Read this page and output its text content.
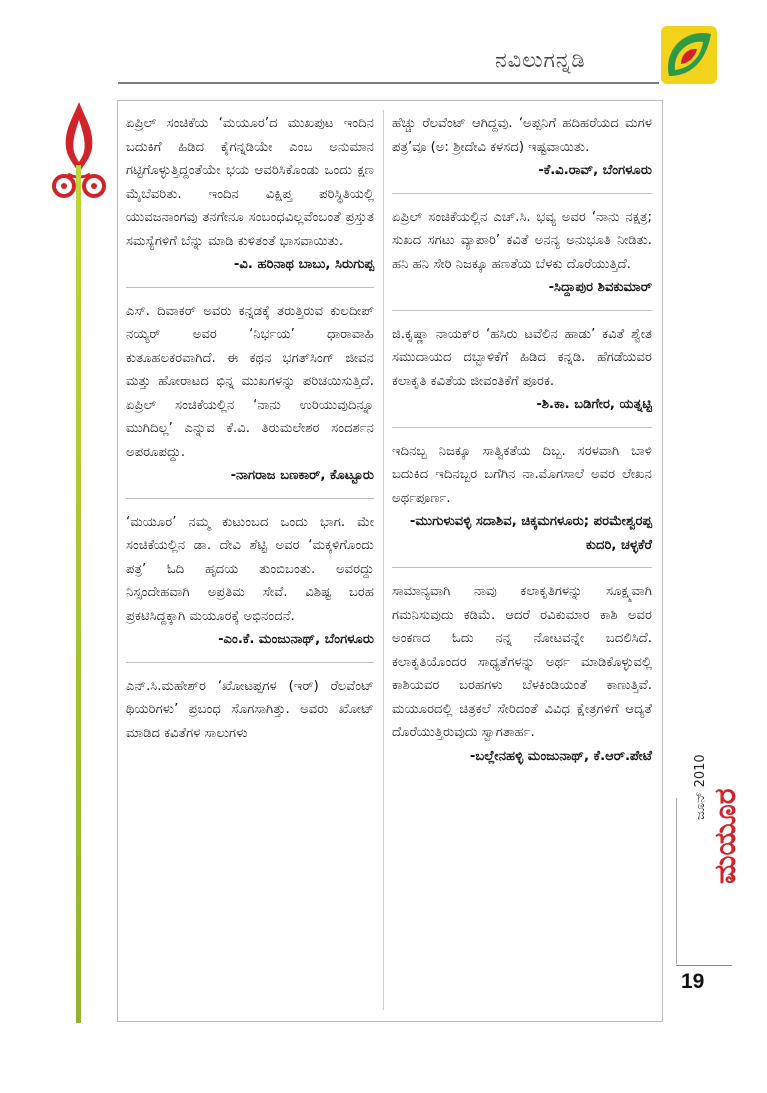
ನವಿಲುಗನ್ನಡಿ

ಏಪ್ರಿಲ್ ಸಂಚಿಕೆಯ ‘ಮಯೂರ’ದ ಮುಖಪುಟ ಇಂದಿನ ಬದುಕಿಗೆ ಹಿಡಿದ ಕೈಗನ್ನಡಿಯೇ ಎಂಬ ಅನುಮಾನ ಗಟ್ಟಿಗೊಳ್ಳುತ್ತಿದ್ದಂತೆಯೇ ಭಯ ಆವರಿಸಿಕೊಂಡು ಒಂದು ಕ್ಷಣ ಮೈಬೆವರಿತು. ಇಂದಿನ ವಿಕ್ಷಿಪ್ತ ಪರಿಸ್ಥಿತಿಯಲ್ಲಿ ಯುವಜನಾಂಗವು ತನಗೇನೂ ಸಂಬಂಧವಿಲ್ಲವೆಂಬಂತೆ ಪ್ರಸ್ತುತ ಸಮಸ್ಯೆಗಳಿಗೆ ಬೆನ್ನು ಮಾಡಿ ಕುಳಿತಂತೆ ಭಾಸವಾಯಿತು.

-ವಿ. ಹರಿನಾಥ ಬಾಬು, ಸಿರುಗುಪ್ಪ

ಎಸ್. ದಿವಾಕರ್ ಅವರು ಕನ್ನಡಕ್ಕೆ ತರುತ್ತಿರುವ ಕುಲದೀಪ್ ನಯ್ಯರ್ ಅವರ ‘ನಿರ್ಭಯ’ ಧಾರಾವಾಹಿ ಕುತೂಹಲಕರವಾಗಿದೆ. ಈ ಕಥನ ಭಗತ್‌ಸಿಂಗ್ ಜೀವನ ಮತ್ತು ಹೋರಾಟದ ಭಿನ್ನ ಮುಖಗಳನ್ನು ಪರಿಚಯಿಸುತ್ತಿದೆ. ಏಪ್ರಿಲ್ ಸಂಚಿಕೆಯಲ್ಲಿನ ‘ನಾನು ಉರಿಯುವುದಿನ್ನೂ ಮುಗಿದಿಲ್ಲ’ ಎನ್ನುವ ಕೆ.ವಿ. ತಿರುಮಲೇಶರ ಸಂದರ್ಶನ ಅಪರೂಪದ್ದು.

-ನಾಗರಾಜ ಬಣಕಾರ್, ಕೊಟ್ಟೂರು

‘ಮಯೂರ’ ನಮ್ಮ ಕುಟುಂಬದ ಒಂದು ಭಾಗ. ಮೇ ಸಂಚಿಕೆಯಲ್ಲಿನ ಡಾ. ದೇವಿ ಶೆಟ್ಟಿ ಅವರ ‘ಮಕ್ಕಳಿಗೊಂದು ಪತ್ರ’ ಓದಿ ಹೃದಯ ತುಂಬಿಬಂತು. ಅವರದ್ದು ನಿಸ್ಸಂದೇಹವಾಗಿ ಅಪ್ರತಿಮ ಸೇವೆ. ವಿಶಿಷ್ಟ ಬರಹ ಪ್ರಕಟಿಸಿದ್ದಕ್ಕಾಗಿ ಮಯೂರಕ್ಕೆ ಅಭಿನಂದನೆ.

-ಎಂ.ಕೆ. ಮಂಜುನಾಥ್, ಬೆಂಗಳೂರು

ಎನ್.ಸಿ.ಮಹೇಶ್‌ರ ‘ಖೋಟಪ್ಪಗಳ (ಇರ್) ರೆಲವೆಂಟ್ ಥಿಯರಿಗಳು’ ಪ್ರಬಂಧ ಸೊಗಸಾಗಿತ್ತು. ಅವರು ಖೋಟ್ ಮಾಡಿದ ಕವಿತೆಗಳ ಸಾಲುಗಳು

ಹೆಚ್ಚು ರೆಲವೆಂಟ್ ಆಗಿದ್ದವು. ‘ಅಪ್ಪನಿಗೆ ಹದಿಹರೆಯದ ಮಗಳ ಪತ್ರ’ವೂ (ಅ: ಶ್ರೀದೇವಿ ಕಳಸದ) ಇಷ್ಟವಾಯಿತು.

-ಕೆ.ವಿ.ರಾವ್, ಬೆಂಗಳೂರು

ಏಪ್ರಿಲ್ ಸಂಚಿಕೆಯಲ್ಲಿನ ಎಚ್.ಸಿ. ಭವ್ಯ ಅವರ ‘ನಾನು ನಕ್ಷತ್ರ; ಸುಖದ ಸಗಟು ವ್ಯಾಪಾರಿ’ ಕವಿತೆ ಅನನ್ಯ ಅನುಭೂತಿ ನೀಡಿತು. ಹನಿ ಹನಿ ಸೇರಿ ನಿಜಕ್ಕೂ ಹಣತೆಯ ಬೆಳಕು ದೊರೆಯುತ್ತಿದೆ.

-ಸಿದ್ದಾಪುರ ಶಿವಕುಮಾರ್

ಜಿ.ಕೃಷ್ಣಾ ನಾಯಕ್‌ರ ‘ಹಸಿರು ಟವೆಲಿನ ಹಾಡು’ ಕವಿತೆ ಶ್ವೇತ ಸಮುದಾಯದ ದಬ್ಬಾಳಿಕೆಗೆ ಹಿಡಿದ ಕನ್ನಡಿ. ಹೆಗಡೆಯವರ ಕಲಾಕೃತಿ ಕವಿತೆಯ ಜೀವಂತಿಕೆಗೆ ಪೂರಕ.

-ಶಿ.ಕಾ. ಬಡಿಗೇರ, ಯತ್ನಟ್ಟಿ

ಇದಿನಬ್ಬ ನಿಜಕ್ಕೂ ಸಾತ್ವಿಕತೆಯ ದಿಬ್ಬ. ಸರಳವಾಗಿ ಬಾಳಿ ಬದುಕಿದ ಇದಿನಬ್ಬರ ಬಗೆಗಿನ ನಾ.ಮೊಗಸಾಲೆ ಅವರ ಲೇಖನ ಅರ್ಥಪೂರ್ಣ.

-ಮುಗುಳುವಳ್ಳಿ ಸದಾಶಿವ, ಚಿಕ್ಕಮಗಳೂರು; ಪರಮೇಶ್ವರಪ್ಪ ಕುದರಿ, ಚಳ್ಳಕೆರೆ

ಸಾಮಾನ್ಯವಾಗಿ ನಾವು ಕಲಾಕೃತಿಗಳನ್ನು ಸೂಕ್ಷ್ಮವಾಗಿ ಗಮನಿಸುವುದು ಕಡಿಮೆ. ಆದರೆ ರವಿಕುಮಾರ ಕಾಶಿ ಅವರ ಅಂಕಣದ ಓದು ನನ್ನ ನೋಟವನ್ನೇ ಬದಲಿಸಿದೆ. ಕಲಾಕೃತಿಯೊಂದರ ಸಾಧ್ಯತೆಗಳನ್ನು ಅರ್ಥ ಮಾಡಿಕೊಳ್ಳುವಲ್ಲಿ ಕಾಶಿಯವರ ಬರಹಗಳು ಬೆಳಕಿಂಡಿಯಂತೆ ಕಾಣುತ್ತಿವೆ. ಮಯೂರದಲ್ಲಿ ಚಿತ್ರಕಲೆ ಸೇರಿದಂತೆ ವಿವಿಧ ಕ್ಷೇತ್ರಗಳಿಗೆ ಆದ್ಯತೆ ದೊರೆಯುತ್ತಿರುವುದು ಸ್ವಾಗತಾರ್ಹ.

-ಬಲ್ಲೇನಹಳ್ಳಿ ಮಂಜುನಾಥ್, ಕೆ.ಆರ್.ಪೇಟೆ	ಜೂನ್ 2010
ಮಯೂರ
19
